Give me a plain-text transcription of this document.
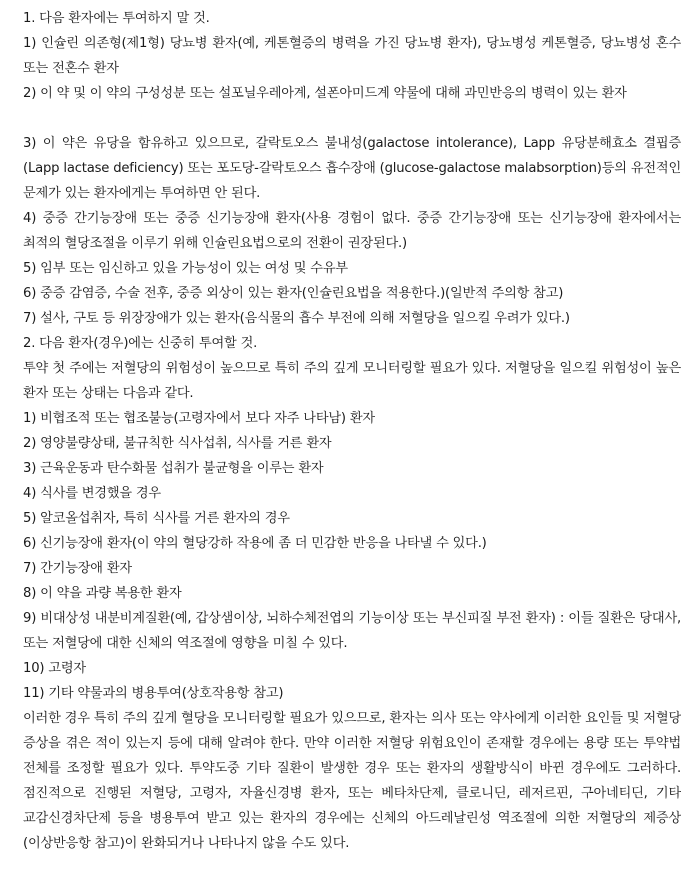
1. 다음 환자에는 투여하지 말 것.
1) 인슐린 의존형(제1형) 당뇨병 환자(예, 케톤혈증의 병력을 가진 당뇨병 환자), 당뇨병성 케톤혈증, 당뇨병성 혼수 또는 전혼수 환자
2) 이 약 및 이 약의 구성성분 또는 설포닐우레아계, 설폰아미드계 약물에 대해 과민반응의 병력이 있는 환자
3) 이 약은 유당을 함유하고 있으므로, 갈락토오스 불내성(galactose intolerance), Lapp 유당분해효소 결핍증(Lapp lactase deficiency) 또는 포도당-갈락토오스 흡수장애 (glucose-galactose malabsorption)등의 유전적인 문제가 있는 환자에게는 투여하면 안 된다.
4) 중증 간기능장애 또는 중증 신기능장애 환자(사용 경험이 없다. 중증 간기능장애 또는 신기능장애 환자에서는 최적의 혈당조절을 이루기 위해 인슐린요법으로의 전환이 권장된다.)
5) 임부 또는 임신하고 있을 가능성이 있는 여성 및 수유부
6) 중증 감염증, 수술 전후, 중증 외상이 있는 환자(인슐린요법을 적용한다.)(일반적 주의항 참고)
7) 설사, 구토 등 위장장애가 있는 환자(음식물의 흡수 부전에 의해 저혈당을 일으킬 우려가 있다.)
2. 다음 환자(경우)에는 신중히 투여할 것.
투약 첫 주에는 저혈당의 위험성이 높으므로 특히 주의 깊게 모니터링할 필요가 있다. 저혈당을 일으킬 위험성이 높은 환자 또는 상태는 다음과 같다.
1) 비협조적 또는 협조불능(고령자에서 보다 자주 나타남) 환자
2) 영양불량상태, 불규칙한 식사섭취, 식사를 거른 환자
3) 근육운동과 탄수화물 섭취가 불균형을 이루는 환자
4) 식사를 변경했을 경우
5) 알코올섭취자, 특히 식사를 거른 환자의 경우
6) 신기능장애 환자(이 약의 혈당강하 작용에 좀 더 민감한 반응을 나타낼 수 있다.)
7) 간기능장애 환자
8) 이 약을 과량 복용한 환자
9) 비대상성 내분비계질환(예, 갑상샘이상, 뇌하수체전엽의 기능이상 또는 부신피질 부전 환자) : 이들 질환은 당대사, 또는 저혈당에 대한 신체의 역조절에 영향을 미칠 수 있다.
10) 고령자
11) 기타 약물과의 병용투여(상호작용항 참고)
이러한 경우 특히 주의 깊게 혈당을 모니터링할 필요가 있으므로, 환자는 의사 또는 약사에게 이러한 요인들 및 저혈당 증상을 겪은 적이 있는지 등에 대해 알려야 한다. 만약 이러한 저혈당 위험요인이 존재할 경우에는 용량 또는 투약법 전체를 조정할 필요가 있다. 투약도중 기타 질환이 발생한 경우 또는 환자의 생활방식이 바뀐 경우에도 그러하다. 점진적으로 진행된 저혈당, 고령자, 자율신경병 환자, 또는 베타차단제, 클로니딘, 레저르핀, 구아네티딘, 기타 교감신경차단제 등을 병용투여 받고 있는 환자의 경우에는 신체의 아드레날린성 역조절에 의한 저혈당의 제증상(이상반응항 참고)이 완화되거나 나타나지 않을 수도 있다.
